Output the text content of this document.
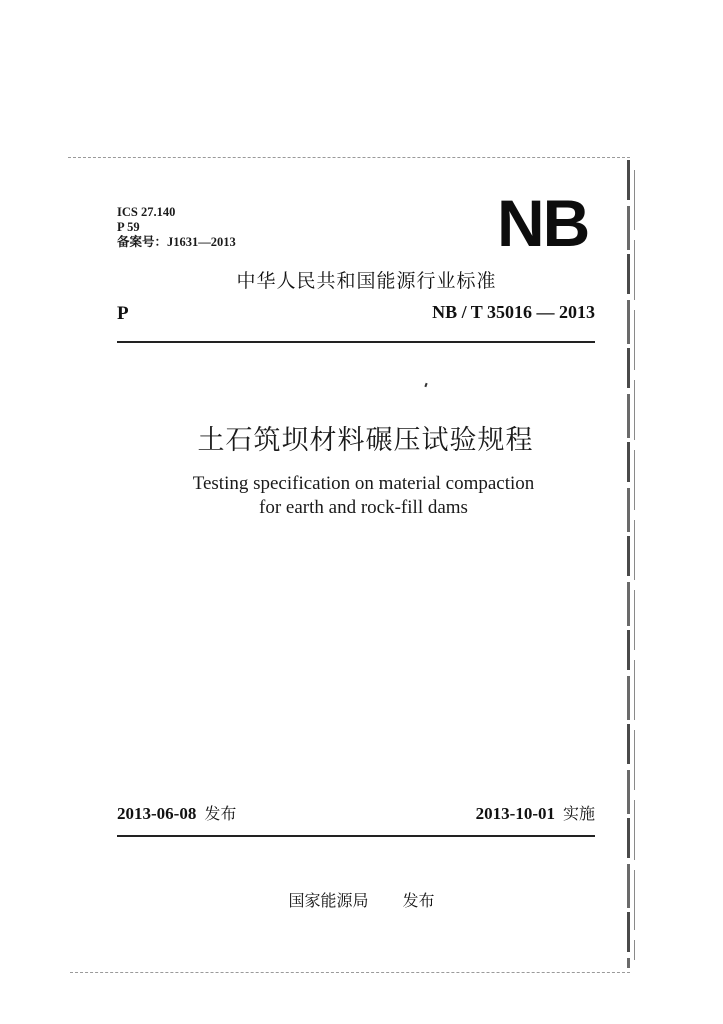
ICS 27.140
P 59
备案号：J1631—2013	NB
中华人民共和国能源行业标准
P	NB / T 35016 — 2013
土石筑坝材料碾压试验规程
Testing specification on material compaction
for earth and rock-fill dams
2013-06-08 发布	2013-10-01 实施
国家能源局 发布
